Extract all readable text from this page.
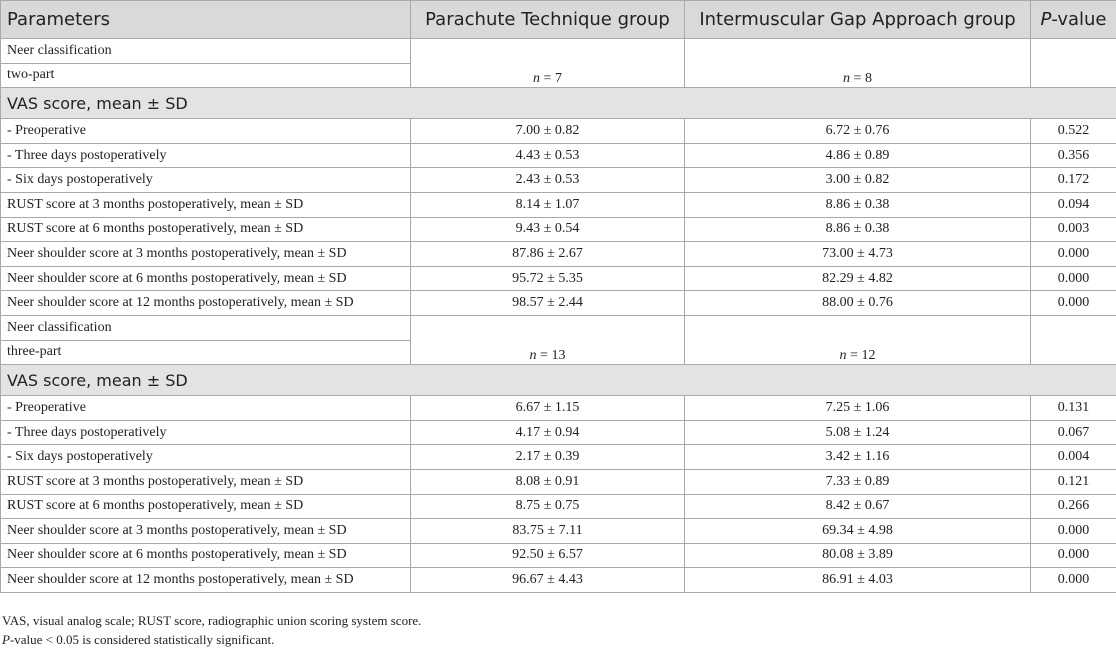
Parameters	Parachute Technique group	Intermuscular Gap Approach group	P-value
Neer classification	n = 7	n = 8	
two-part			
VAS score, mean ± SD			
- Preoperative	7.00 ± 0.82	6.72 ± 0.76	0.522
- Three days postoperatively	4.43 ± 0.53	4.86 ± 0.89	0.356
- Six days postoperatively	2.43 ± 0.53	3.00 ± 0.82	0.172
RUST score at 3 months postoperatively, mean ± SD	8.14 ± 1.07	8.86 ± 0.38	0.094
RUST score at 6 months postoperatively, mean ± SD	9.43 ± 0.54	8.86 ± 0.38	0.003
Neer shoulder score at 3 months postoperatively, mean ± SD	87.86 ± 2.67	73.00 ± 4.73	0.000
Neer shoulder score at 6 months postoperatively, mean ± SD	95.72 ± 5.35	82.29 ± 4.82	0.000
Neer shoulder score at 12 months postoperatively, mean ± SD	98.57 ± 2.44	88.00 ± 0.76	0.000
Neer classification	n = 13	n = 12	
three-part			
VAS score, mean ± SD			
- Preoperative	6.67 ± 1.15	7.25 ± 1.06	0.131
- Three days postoperatively	4.17 ± 0.94	5.08 ± 1.24	0.067
- Six days postoperatively	2.17 ± 0.39	3.42 ± 1.16	0.004
RUST score at 3 months postoperatively, mean ± SD	8.08 ± 0.91	7.33 ± 0.89	0.121
RUST score at 6 months postoperatively, mean ± SD	8.75 ± 0.75	8.42 ± 0.67	0.266
Neer shoulder score at 3 months postoperatively, mean ± SD	83.75 ± 7.11	69.34 ± 4.98	0.000
Neer shoulder score at 6 months postoperatively, mean ± SD	92.50 ± 6.57	80.08 ± 3.89	0.000
Neer shoulder score at 12 months postoperatively, mean ± SD	96.67 ± 4.43	86.91 ± 4.03	0.000

VAS, visual analog scale; RUST score, radiographic union scoring system score.

P-value < 0.05 is considered statistically significant.
